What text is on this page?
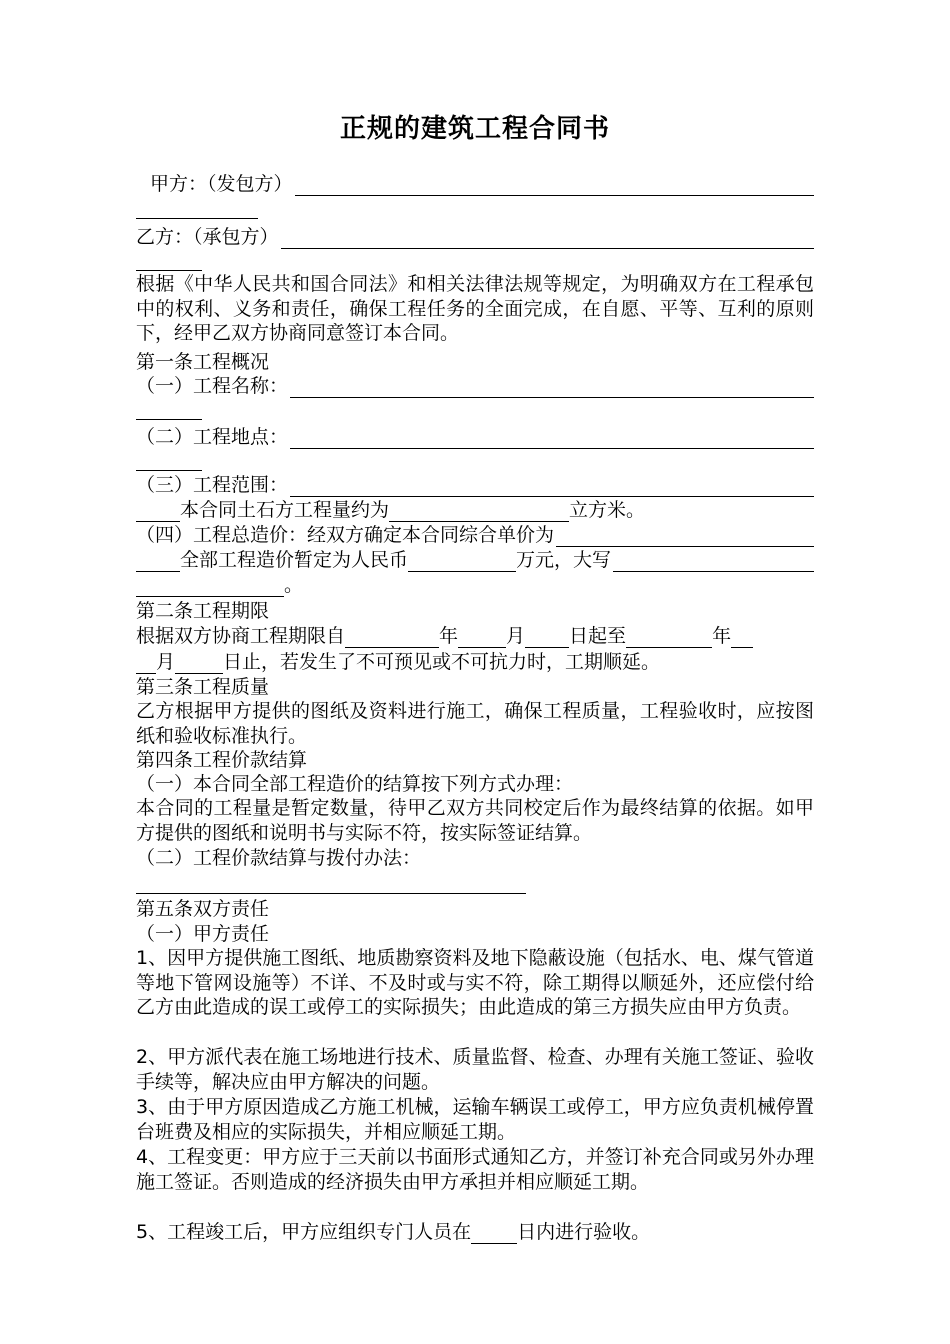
正规的建筑工程合同书
甲方：（发包方）
乙方：（承包方）
根据《中华人民共和国合同法》和相关法律法规等规定，为明确双方在工程承包中的权利、义务和责任，确保工程任务的全面完成，在自愿、平等、互利的原则下，经甲乙双方协商同意签订本合同。
第一条工程概况
（一）工程名称：
（二）工程地点：
（三）工程范围：
本合同土石方工程量约为	立方米。
（四）工程总造价：经双方确定本合同综合单价为
全部工程造价暂定为人民币	万元，大写
。
第二条工程期限
根据双方协商工程期限自	年	月 日起至	年
月	日止，若发生了不可预见或不可抗力时，工期顺延。
第三条工程质量
乙方根据甲方提供的图纸及资料进行施工，确保工程质量，工程验收时，应按图纸和验收标准执行。
第四条工程价款结算
（一）本合同全部工程造价的结算按下列方式办理：
本合同的工程量是暂定数量，待甲乙双方共同校定后作为最终结算的依据。如甲方提供的图纸和说明书与实际不符，按实际签证结算。
（二）工程价款结算与拨付办法：
第五条双方责任
（一）甲方责任
1、因甲方提供施工图纸、地质勘察资料及地下隐蔽设施（包括水、电、煤气管道等地下管网设施等）不详、不及时或与实不符，除工期得以顺延外，还应偿付给乙方由此造成的误工或停工的实际损失；由此造成的第三方损失应由甲方负责。
2、甲方派代表在施工场地进行技术、质量监督、检查、办理有关施工签证、验收手续等，解决应由甲方解决的问题。
3、由于甲方原因造成乙方施工机械，运输车辆误工或停工，甲方应负责机械停置台班费及相应的实际损失，并相应顺延工期。
4、工程变更：甲方应于三天前以书面形式通知乙方，并签订补充合同或另外办理施工签证。否则造成的经济损失由甲方承担并相应顺延工期。
5、工程竣工后，甲方应组织专门人员在 日内进行验收。
